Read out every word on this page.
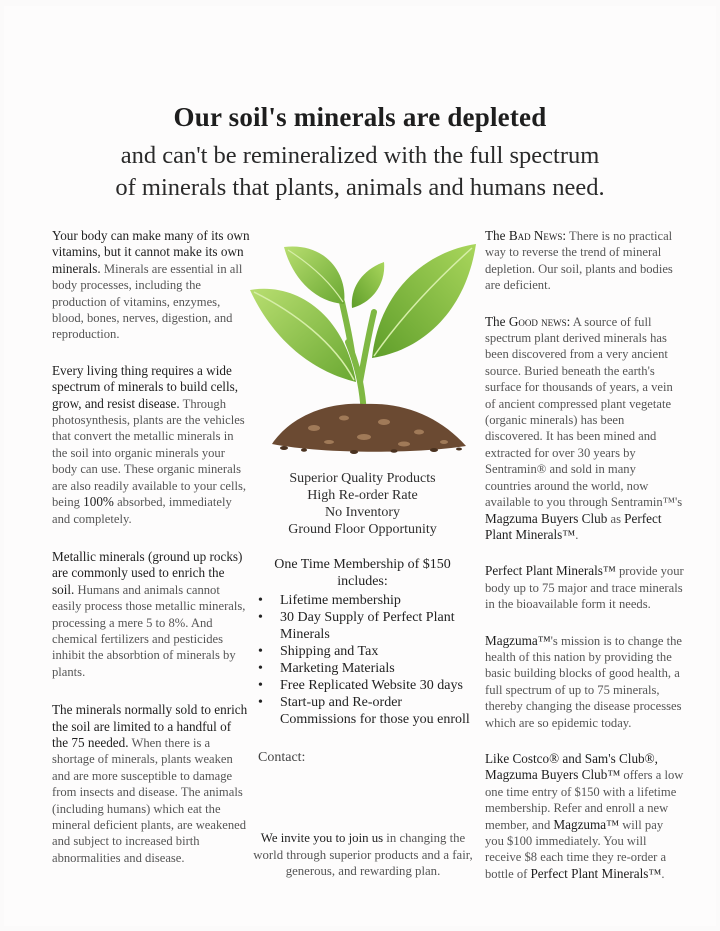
Our soil's minerals are depleted
and can't be remineralized with the full spectrum
of minerals that plants, animals and humans need.

Your body can make many of its own vitamins, but it cannot make its own minerals. Minerals are essential in all body processes, including the production of vitamins, enzymes, blood, bones, nerves, digestion, and reproduction.

Every living thing requires a wide spectrum of minerals to build cells, grow, and resist disease. Through photosynthesis, plants are the vehicles that convert the metallic minerals in the soil into organic minerals your body can use. These organic minerals are also readily available to your cells, being 100% absorbed, immediately and completely.

Metallic minerals (ground up rocks) are commonly used to enrich the soil. Humans and animals cannot easily process those metallic minerals, processing a mere 5 to 8%. And chemical fertilizers and pesticides inhibit the absorbtion of minerals by plants.

The minerals normally sold to enrich the soil are limited to a handful of the 75 needed. When there is a shortage of minerals, plants weaken and are more susceptible to damage from insects and disease. The animals (including humans) which eat the mineral deficient plants, are weakened and subject to increased birth abnormalities and disease.

Superior Quality Products
High Re-order Rate
No Inventory
Ground Floor Opportunity
One Time Membership of $150 includes:
• Lifetime membership
• 30 Day Supply of Perfect Plant Minerals
• Shipping and Tax
• Marketing Materials
• Free Replicated Website 30 days
• Start-up and Re-order Commissions for those you enroll
Contact:
We invite you to join us in changing the world through superior products and a fair, generous, and rewarding plan.

The Bad News: There is no practical way to reverse the trend of mineral depletion. Our soil, plants and bodies are deficient.

The Good news: A source of full spectrum plant derived minerals has been discovered from a very ancient source. Buried beneath the earth's surface for thousands of years, a vein of ancient compressed plant vegetate (organic minerals) has been discovered. It has been mined and extracted for over 30 years by Sentramin® and sold in many countries around the world, now available to you through Sentramin™'s Magzuma Buyers Club as Perfect Plant Minerals™.

Perfect Plant Minerals™ provide your body up to 75 major and trace minerals in the bioavailable form it needs.

Magzuma™'s mission is to change the health of this nation by providing the basic building blocks of good health, a full spectrum of up to 75 minerals, thereby changing the disease processes which are so epidemic today.

Like Costco® and Sam's Club®, Magzuma Buyers Club™ offers a low one time entry of $150 with a lifetime membership. Refer and enroll a new member, and Magzuma™ will pay you $100 immediately. You will receive $8 each time they re-order a bottle of Perfect Plant Minerals™.
